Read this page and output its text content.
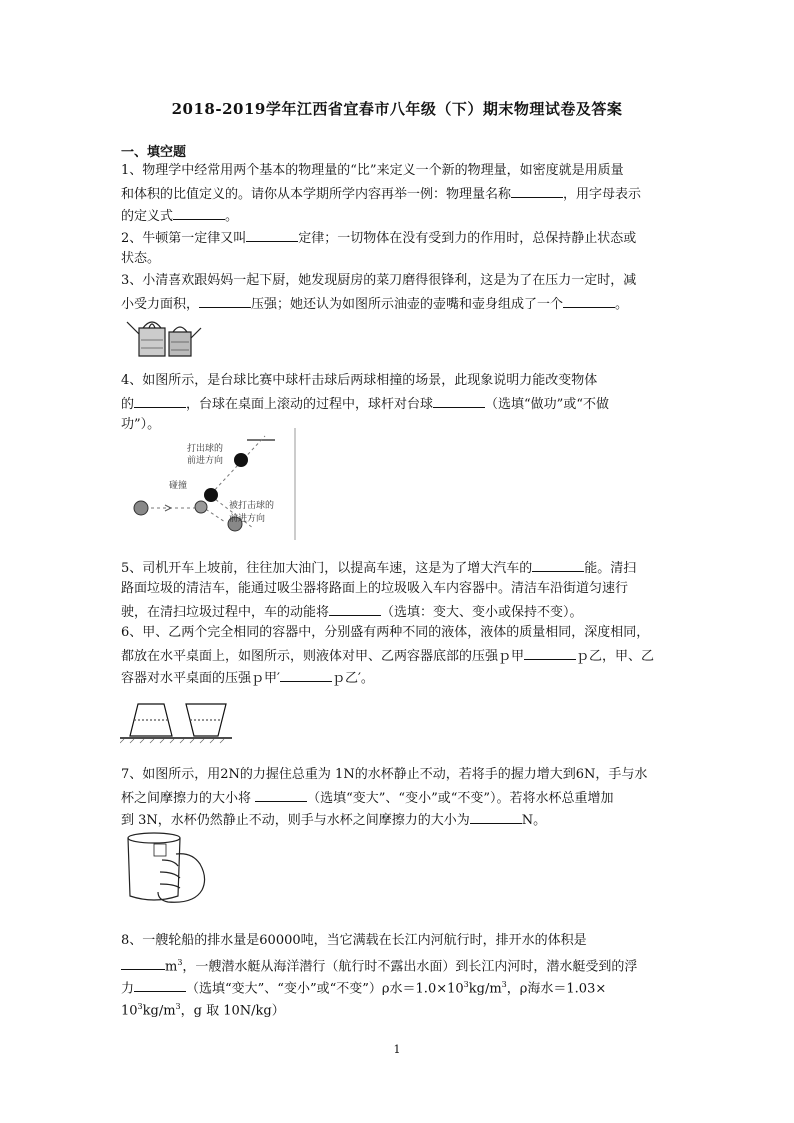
2018-2019学年江西省宜春市八年级（下）期末物理试卷及答案
一、填空题
1、物理学中经常用两个基本的物理量的“比”来定义一个新的物理量，如密度就是用质量
和体积的比值定义的。请你从本学期所学内容再举一例：物理量名称	，用字母表示
的定义式	。
2、牛顿第一定律又叫	定律；一切物体在没有受到力的作用时，总保持静止状态或
状态。
3、小清喜欢跟妈妈一起下厨，她发现厨房的菜刀磨得很锋利，这是为了在压力一定时，减
小受力面积，	压强；她还认为如图所示油壶的壶嘴和壶身组成了一个	。
4、如图所示，是台球比赛中球杆击球后两球相撞的场景，此现象说明力能改变物体
的	，台球在桌面上滚动的过程中，球杆对台球	（选填“做功”或“不做
功”）。
打出球的
前进方向
碰撞
被打击球的
前进方向
5、司机开车上坡前，往往加大油门，以提高车速，这是为了增大汽车的	能。清扫
路面垃圾的清洁车，能通过吸尘器将路面上的垃圾吸入车内容器中。清洁车沿街道匀速行
驶，在清扫垃圾过程中，车的动能将	（选填：变大、变小或保持不变）。
6、甲、乙两个完全相同的容器中，分别盛有两种不同的液体，液体的质量相同，深度相同，
都放在水平桌面上，如图所示，则液体对甲、乙两容器底部的压强ｐ甲	ｐ乙，甲、乙
容器对水平桌面的压强ｐ甲′	ｐ乙′。
7、如图所示，用2N的力握住总重为 1N的水杯静止不动，若将手的握力增大到6N，手与水
杯之间摩擦力的大小将	（选填“变大”、“变小”或“不变”）。若将水杯总重增加
到 3N，水杯仍然静止不动，则手与水杯之间摩擦力的大小为	N。
8、一艘轮船的排水量是60000吨，当它满载在长江内河航行时，排开水的体积是
$m^3$，一艘潜水艇从海洋潜行（航行时不露出水面）到长江内河时，潜水艇受到的浮
力	（选填“变大”、“变小”或“不变”）ρ水$=1.0\times 10^3kg/m^3$，ρ海水＝1.03×
$10^3kg/m^3$，g 取 10N/kg）
1
